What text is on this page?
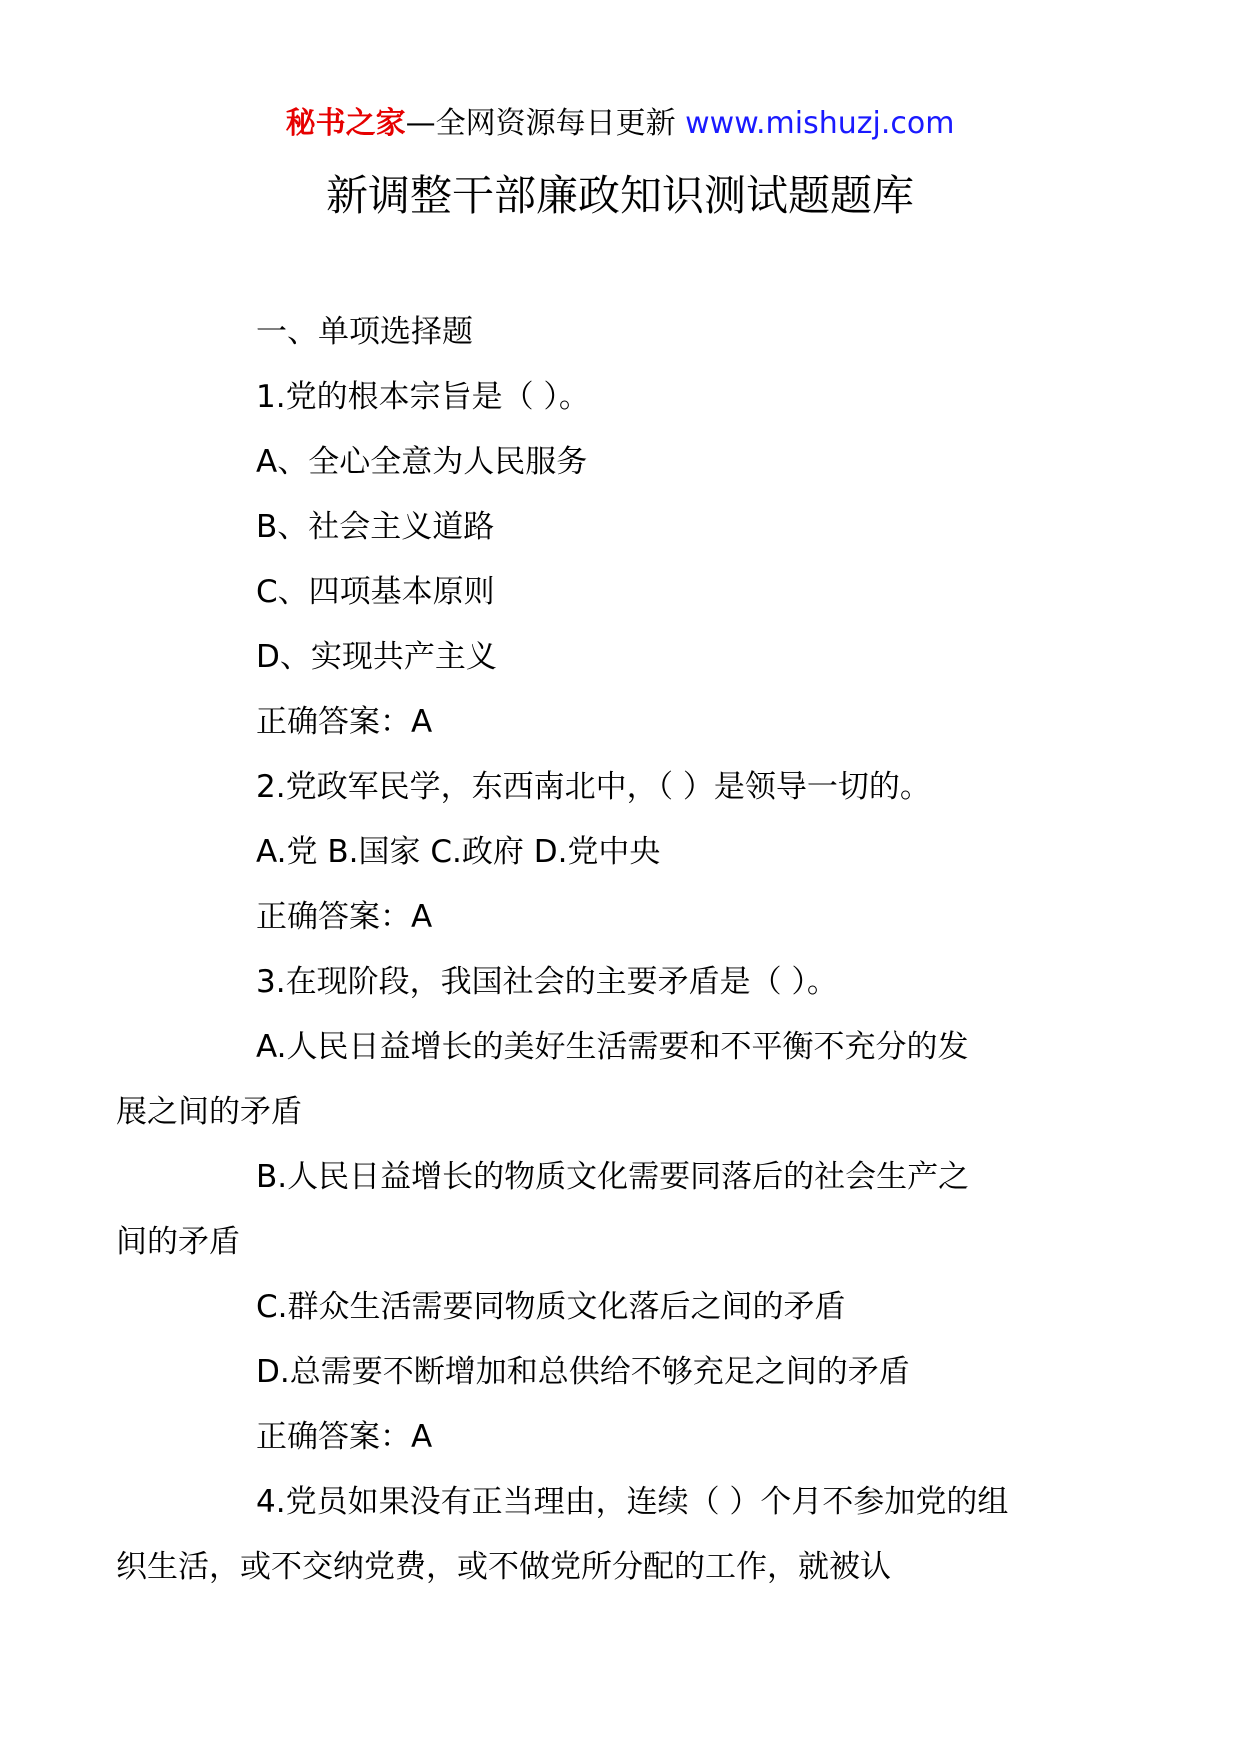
秘书之家—全网资源每日更新 www.mishuzj.com
新调整干部廉政知识测试题题库

一、单项选择题

1.党的根本宗旨是（ ）。

A、全心全意为人民服务

B、社会主义道路

C、四项基本原则

D、实现共产主义

正确答案：A

2.党政军民学，东西南北中，（ ）是领导一切的。

A.党 B.国家 C.政府 D.党中央

正确答案：A

3.在现阶段，我国社会的主要矛盾是（ ）。

A.人民日益增长的美好生活需要和不平衡不充分的发
展之间的矛盾

B.人民日益增长的物质文化需要同落后的社会生产之
间的矛盾

C.群众生活需要同物质文化落后之间的矛盾

D.总需要不断增加和总供给不够充足之间的矛盾

正确答案：A

4.党员如果没有正当理由，连续（ ）个月不参加党的组
织生活，或不交纳党费，或不做党所分配的工作，就被认
